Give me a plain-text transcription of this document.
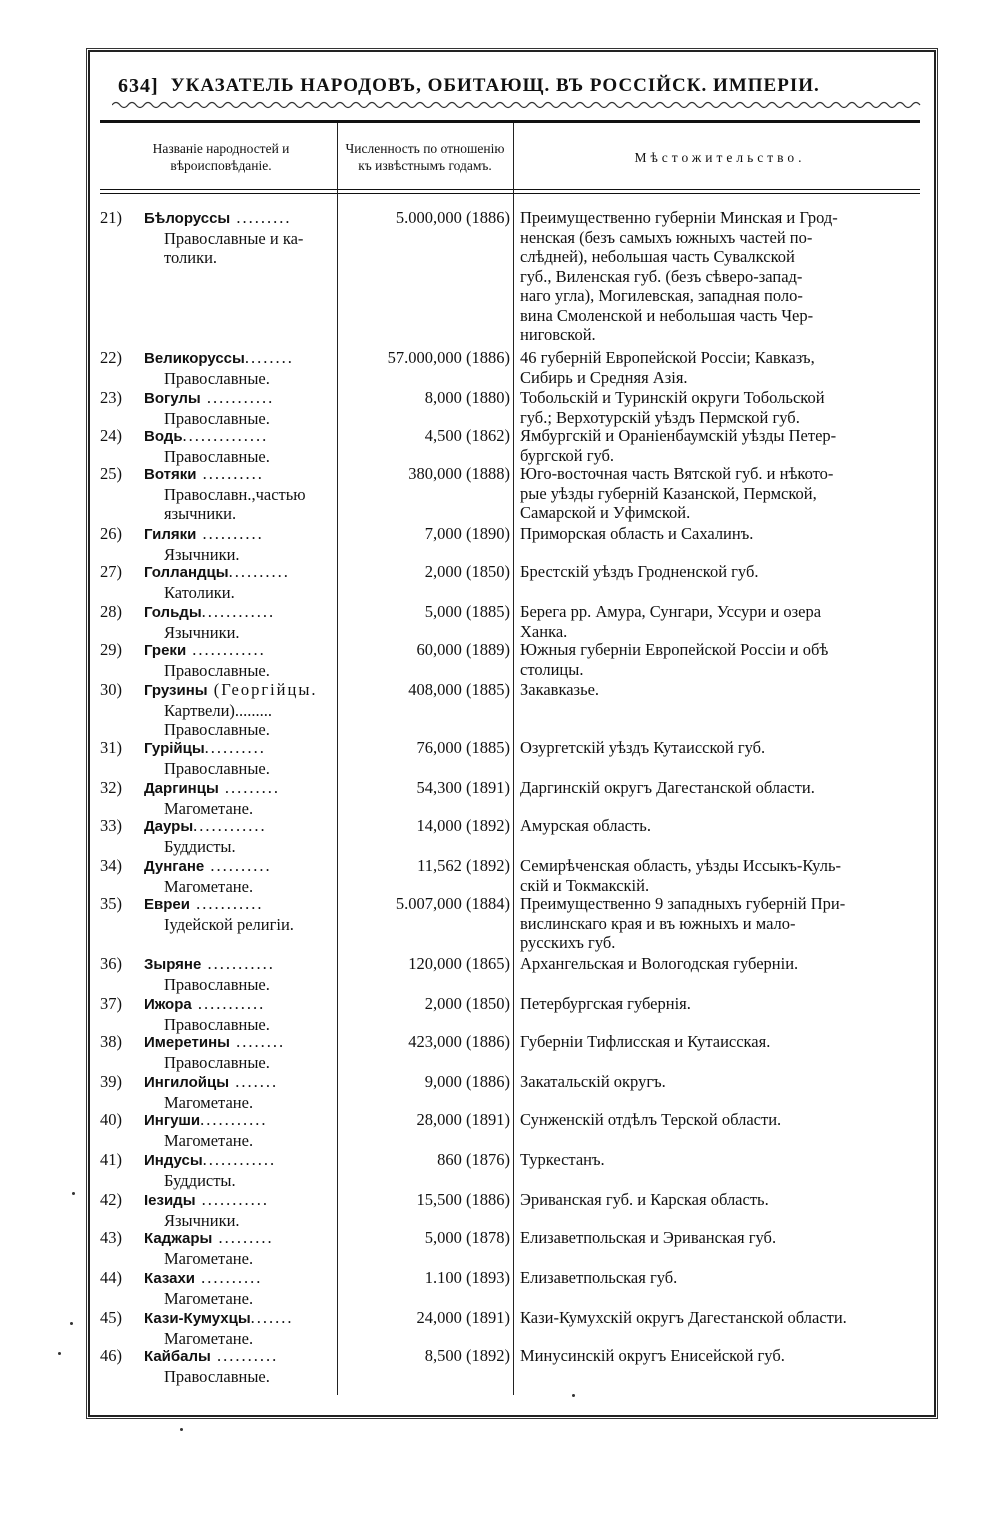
634] УКАЗАТЕЛЬ НАРОДОВЪ, ОБИТАЮЩ. ВЪ РОССІЙСК. ИМПЕРІИ.
Названіе народностей и вѣроисповѣданіе.
Численность по отношенію къ извѣстнымъ годамъ.
Мѣстожительство.
21) Бѣлоруссы .........
Православные и ка-
толики.
5.000,000 (1886) Преимущественно губерніи Минская и Грод-
ненская (безъ самыхъ южныхъ частей по-
слѣдней), небольшая часть Сувалкской
губ., Виленская губ. (безъ сѣверо-запад-
наго угла), Могилевская, западная поло-
вина Смоленской и небольшая часть Чер-
ниговской.
22) Великоруссы........
Православные.
57.000,000 (1886) 46 губерній Европейской Россіи; Кавказъ,
Сибирь и Средняя Азія.
23) Вогулы ...........
Православные.
8,000 (1880) Тобольскій и Туринскій округи Тобольской
губ.; Верхотурскій уѣздъ Пермской губ.
24) Водь..............
Православные.
4,500 (1862) Ямбургскій и Ораніенбаумскій уѣзды Петер-
бургской губ.
25) Вотяки ..........
Православн.,частью
язычники.
380,000 (1888) Юго-восточная часть Вятской губ. и нѣкото-
рые уѣзды губерній Казанской, Пермской,
Самарской и Уфимской.
26) Гиляки ..........
Язычники.
7,000 (1890) Приморская область и Сахалинъ.
27) Голландцы..........
Католики.
2,000 (1850) Брестскій уѣздъ Гродненской губ.
28) Гольды............
Язычники.
5,000 (1885) Берега рр. Амура, Сунгари, Уссури и озера
Ханка.
29) Греки ............
Православные.
60,000 (1889) Южныя губерніи Европейской Россіи и обѣ
столицы.
30) Грузины (Георгійцы.
Картвели).........
Православные.
408,000 (1885) Закавказье.
31) Гурійцы..........
Православные.
76,000 (1885) Озургетскій уѣздъ Кутаисской губ.
32) Даргинцы .........
Магометане.
54,300 (1891) Даргинскій округъ Дагестанской области.
33) Дауры............
Буддисты.
14,000 (1892) Амурская область.
34) Дунгане ..........
Магометане.
11,562 (1892) Семирѣченская область, уѣзды Иссыкъ-Куль-
скій и Токмакскій.
35) Евреи ...........
Іудейской религіи.
5.007,000 (1884) Преимущественно 9 западныхъ губерній При-
вислинскаго края и въ южныхъ и мало-
русскихъ губ.
36) Зыряне ...........
Православные.
120,000 (1865) Архангельская и Вологодская губерніи.
37) Ижора ...........
Православные.
2,000 (1850) Петербургская губернія.
38) Имеретины ........
Православные.
423,000 (1886) Губерніи Тифлисская и Кутаисская.
39) Ингилойцы .......
Магометане.
9,000 (1886) Закатальскій округъ.
40) Ингуши...........
Магометане.
28,000 (1891) Сунженскій отдѣлъ Терской области.
41) Индусы............
Буддисты.
860 (1876) Туркестанъ.
42) Іезиды ...........
Язычники.
15,500 (1886) Эриванская губ. и Карская область.
43) Каджары .........
Магометане.
5,000 (1878) Елизаветпольская и Эриванская губ.
44) Казахи ..........
Магометане.
1.100 (1893) Елизаветпольская губ.
45) Кази-Кумухцы.......
Магометане.
24,000 (1891) Кази-Кумухскій округъ Дагестанской области.
46) Кайбалы ..........
Православные.
8,500 (1892) Минусинскій округъ Енисейской губ.
